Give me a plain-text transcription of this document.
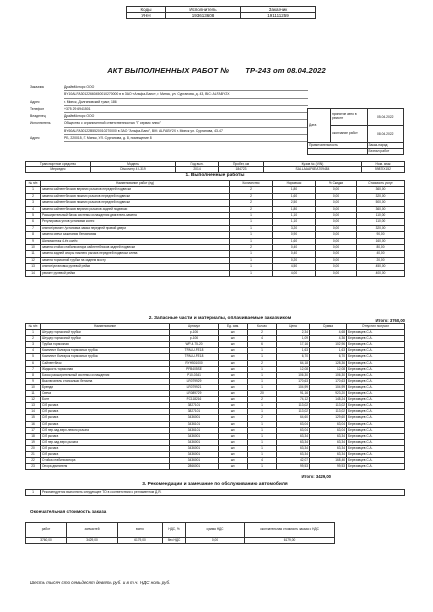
Коды	Исполнитель	Заказчик
УНН	193613608	191111259
АКТ ВЫПОЛНЕННЫХ РАБОТ № ТР-243 от 08.04.2022
Заказчик	ДрайвМоторс ООО
BY10ALFA30122660450010270000 в в ЗАО «Альфа-Банк», г. Минск, ул. Сурганова, д. 43, BIC: ALFABY2X
Адрес	г. Минск, Долгиновский тракт, 186
Телефон	+375 29 6941501
Владелец	ДрайвМоторс ООО
Исполнитель	Общество с ограниченной ответственностью "Г сервис плюс"
BY60ALFA30122B5520010270000 в ЗАО "Альфа-Банк", BIK: ALFABY2X г. Минск ул. Сурганова, 43-47
Адрес	РБ, 220015, Г. Минск, УЛ. Сурганова, д. 8, помещение 8
Дата	принятие авто в ремонт	05.04.2022
	окончание работ	08.04.2022
Примечательность		Заказ-наряд
		Безнал работ
Транспортное средство	Модель	Год вып.	Пробег, км	Кузов № (VIN)	Ном. знак
Мерседес	Discovery 4 L319	2014	184723	SALLAAAF6EA709484	5987IX152
1. Выполненные работы
№ п/п	Наименование работ (ед)	Количество	Нормачас	% Скидки	Стоимость услуг
1	замена сайлентблоков верхних рычагов передней подвески	2	1,80	0,00	360,00
2	замена сайлентблоков нижних рычагов передней подвески	2	1,60	0,00	320,00
3	замена сайлентблоков нижних рычагов передней подвески	2	2,50	0,00	500,00
4	замена сайлентблоков верхних рычагов задней подвески	2	1,80	0,00	360,00
5	Расширительный бачок системы охлаждения двигателя-замена	1	1,10	0,00	110,00
6	Регулировка углов установки колес	1	1,10	0,00	110,00
7	снятие/ремонт /установка замка передней правой двери	1	3,20	0,00	320,00
8	замена свечи зажигания бензиновая	1	0,90	0,00	90,00
9	Шиномонтаж 4-ёх колёс	1	1,60	0,00	160,00
10	замена стойки стабилизатора сайлентблоков задней подвески	2	0,40	0,00	80,00
11	замена задней опоры нижнего рычага передней подвески слева	1	0,40	0,00	40,00
12	замена тормозной трубки на заднем мосту	1	0,20	0,00	20,00
13	снятие/установка рулевой рейки	1	4,50	0,00	450,00
14	ремонт рулевой рейки	1	4,00	0,00	400,00
Итого: 3760,00
2. Запасные части и материалы, оплачиваемые заказчиком
№ п/п	Наименование	Артикул	Ед. изм.	Кол-во	Цена	Сумма	Отпустил получил
1	Штуцер тормозной трубки	p-106	шт.	2	2,34	4,68	Березовцев С.А.
2	Штуцер тормозной трубки	p-106	шт.	4	1,09	4,36	Березовцев С.А.
3	Трубка тормозная	WP-4.75-20	шт.	6	17,16	102,96	Березовцев С.А.
4	Комплект болгарок тормозных трубок	TPALU-FE18	шт.	1	1,63	1,63	Березовцев С.А.
5	Комплект болгарок тормозных трубок	TPALU-FE18	шт.	1	6,70	6,70	Березовцев С.А.
6	Сайлентблок	RYH501000	шт.	2	64,18	128,36	Березовцев С.А.
7	Жидкость тормозная	PFB405SE	шт.	1	12,08	12,08	Березовцев С.А.
8	Бачок расширительный системы охлаждения	P10-0341	шт.	1	106,30	106,30	Березовцев С.А.
9	Выключатель стопкальки бензина	LR079929	шт.	1	170,63	170,63	Березовцев С.А.
10	Бренди	LR079921	шт.	1	104,99	104,99	Березовцев С.А.
11	Свеча	LR089729	шт.	20	91,16	923,20	Березовцев С.А.
12	Болт	FC118216	шт.	2	74,12	148,24	Березовцев С.А.
13	С/б рычага	3827101	шт.	1	113,02	113,02	Березовцев С.А.
14	С/б рычага	3827101	шт.	1	113,02	113,02	Березовцев С.А.
15	С/б рычага	3436001	шт.	2	64,60	129,60	Березовцев С.А.
16	С/б рычага	3436101	шт.	1	63,04	63,04	Березовцев С.А.
17	С/б пер.зад.верх.левого рычага	3436101	шт.	1	63,04	63,04	Березовцев С.А.
18	С/б рычага	3436001	шт.	1	63,34	63,34	Березовцев С.А.
19	С/б пер.зад.верх.рычага	3436001	шт.	1	63,34	63,34	Березовцев С.А.
20	С/б рычага	3436001	шт.	1	63,34	63,34	Березовцев С.А.
21	С/б рычага	3436001	шт.	1	63,34	63,34	Березовцев С.А.
22	Стойка стабилизатора	3436001	шт.	4	42,07	168,46	Березовцев С.А.
23	Опора двигателя	2866001	шт.	1	99,53	99,53	Березовцев С.А.
Итого: 3429,00
3. Рекомендации и замечание по обслуживанию автомобиля
1	Рекомендуется выполнить следующее ТО в соответствии с регламентом Д.Я.
Окончательная стоимость заказа
работ	запчастей	всего	НДС, %	сумма НДС	окончательная стоимость заказа с НДС
3760,00	3429,00	6179,00	без НДС	0,00	6179,00
Шесть тысяч сто семьдесят девять руб. и в т.ч. НДС ноль руб.
